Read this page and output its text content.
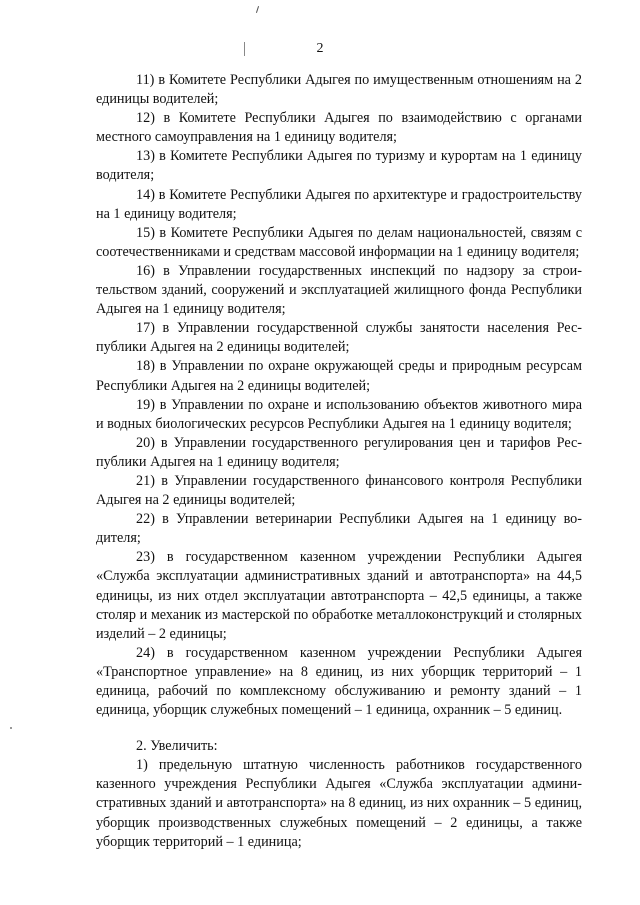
2

11) в Комитете Республики Адыгея по имущественным отношениям на 2 единицы водителей;

12) в Комитете Республики Адыгея по взаимодействию с органами местного самоуправления на 1 единицу водителя;

13) в Комитете Республики Адыгея по туризму и курортам на 1 единицу водителя;

14) в Комитете Республики Адыгея по архитектуре и градостроительству на 1 единицу водителя;

15) в Комитете Республики Адыгея по делам национальностей, связям с соотечественниками и средствам массовой информации на 1 единицу водителя;

16) в Управлении государственных инспекций по надзору за строительством зданий, сооружений и эксплуатацией жилищного фонда Республики Адыгея на 1 единицу водителя;

17) в Управлении государственной службы занятости населения Республики Адыгея на 2 единицы водителей;

18) в Управлении по охране окружающей среды и природным ресурсам Республики Адыгея на 2 единицы водителей;

19) в Управлении по охране и использованию объектов животного мира и водных биологических ресурсов Республики Адыгея на 1 единицу водителя;

20) в Управлении государственного регулирования цен и тарифов Республики Адыгея на 1 единицу водителя;

21) в Управлении государственного финансового контроля Республики Адыгея на 2 единицы водителей;

22) в Управлении ветеринарии Республики Адыгея на 1 единицу водителя;

23) в государственном казенном учреждении Республики Адыгея «Служба эксплуатации административных зданий и автотранспорта» на 44,5 единицы, из них отдел эксплуатации автотранспорта – 42,5 единицы, а также столяр и механик из мастерской по обработке металлоконструкций и столярных изделий – 2 единицы;

24) в государственном казенном учреждении Республики Адыгея «Транспортное управление» на 8 единиц, из них уборщик территорий – 1 единица, рабочий по комплексному обслуживанию и ремонту зданий – 1 единица, уборщик служебных помещений – 1 единица, охранник – 5 единиц.

2. Увеличить:

1) предельную штатную численность работников государственного казенного учреждения Республики Адыгея «Служба эксплуатации административных зданий и автотранспорта» на 8 единиц, из них охранник – 5 единиц, уборщик производственных служебных помещений – 2 единицы, а также уборщик территорий – 1 единица;
